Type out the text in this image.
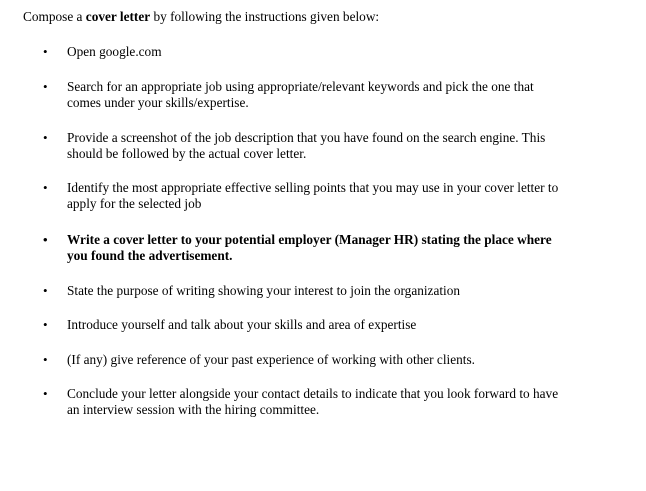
Compose a cover letter by following the instructions given below:
• Open google.com
• Search for an appropriate job using appropriate/relevant keywords and pick the one that comes under your skills/expertise.
• Provide a screenshot of the job description that you have found on the search engine. This should be followed by the actual cover letter.
• Identify the most appropriate effective selling points that you may use in your cover letter to apply for the selected job
• Write a cover letter to your potential employer (Manager HR) stating the place where you found the advertisement.
• State the purpose of writing showing your interest to join the organization
• Introduce yourself and talk about your skills and area of expertise
• (If any) give reference of your past experience of working with other clients.
• Conclude your letter alongside your contact details to indicate that you look forward to have an interview session with the hiring committee.
